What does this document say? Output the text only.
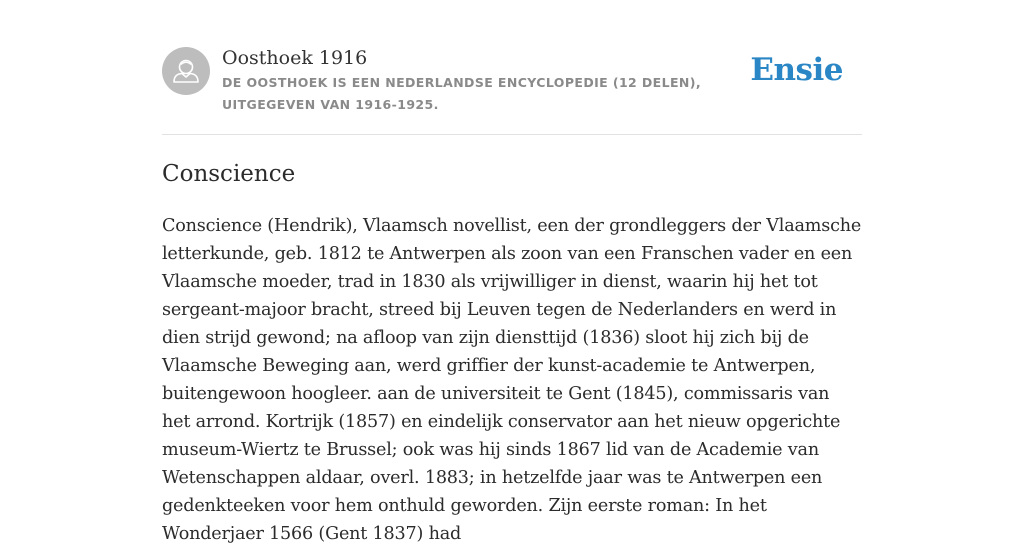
Oosthoek 1916
DE OOSTHOEK IS EEN NEDERLANDSE ENCYCLOPEDIE (12 DELEN), UITGEGEVEN VAN 1916-1925.
Ensie
Conscience

Conscience (Hendrik), Vlaamsch novellist, een der grondleggers der Vlaamsche letterkunde, geb. 1812 te Antwerpen als zoon van een Franschen vader en een Vlaamsche moeder, trad in 1830 als vrijwilliger in dienst, waarin hij het tot sergeant-majoor bracht, streed bij Leuven tegen de Nederlanders en werd in dien strijd gewond; na afloop van zijn diensttijd (1836) sloot hij zich bij de Vlaamsche Beweging aan, werd griffier der kunst-academie te Antwerpen, buitengewoon hoogleer. aan de universiteit te Gent (1845), commissaris van het arrond. Kortrijk (1857) en eindelijk conservator aan het nieuw opgerichte museum-Wiertz te Brussel; ook was hij sinds 1867 lid van de Academie van Wetenschappen aldaar, overl. 1883; in hetzelfde jaar was te Antwerpen een gedenkteeken voor hem onthuld geworden. Zijn eerste roman: In het Wonderjaer 1566 (Gent 1837) had
